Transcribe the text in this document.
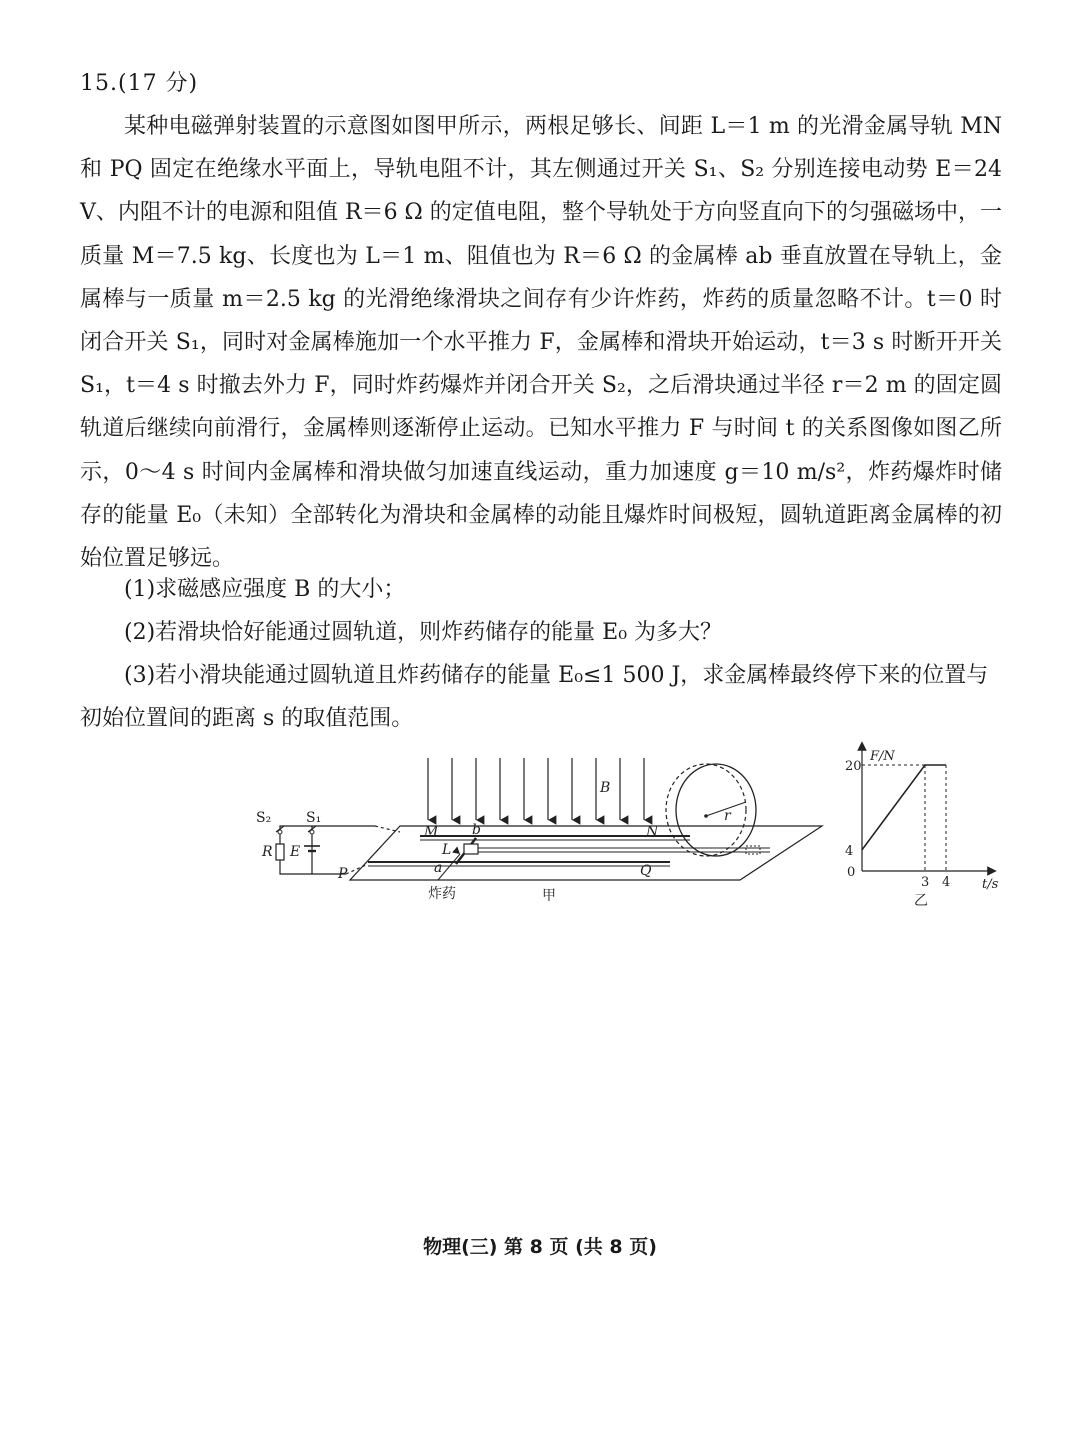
15.(17 分)

某种电磁弹射装置的示意图如图甲所示，两根足够长、间距 L＝1 m 的光滑金属导轨 MN 和 PQ 固定在绝缘水平面上，导轨电阻不计，其左侧通过开关 S₁、S₂ 分别连接电动势 E＝24 V、内阻不计的电源和阻值 R＝6 Ω 的定值电阻，整个导轨处于方向竖直向下的匀强磁场中，一质量 M＝7.5 kg、长度也为 L＝1 m、阻值也为 R＝6 Ω 的金属棒 ab 垂直放置在导轨上，金属棒与一质量 m＝2.5 kg 的光滑绝缘滑块之间存有少许炸药，炸药的质量忽略不计。t＝0 时闭合开关 S₁，同时对金属棒施加一个水平推力 F，金属棒和滑块开始运动，t＝3 s 时断开开关 S₁，t＝4 s 时撤去外力 F，同时炸药爆炸并闭合开关 S₂，之后滑块通过半径 r＝2 m 的固定圆轨道后继续向前滑行，金属棒则逐渐停止运动。已知水平推力 F 与时间 t 的关系图像如图乙所示，0～4 s 时间内金属棒和滑块做匀加速直线运动，重力加速度 g＝10 m/s²，炸药爆炸时储存的能量 E₀（未知）全部转化为滑块和金属棒的动能且爆炸时间极短，圆轨道距离金属棒的初始位置足够远。

(1)求磁感应强度 B 的大小；

(2)若滑块恰好能通过圆轨道，则炸药储存的能量 E₀ 为多大？

(3)若小滑块能通过圆轨道且炸药储存的能量 E₀≤1 500 J，求金属棒最终停下来的位置与初始位置间的距离 s 的取值范围。

S₂ S₁
R E
M b	N
L
a
P	Q
B
r
炸药	甲
4
20
3 4
F/N
t/s
0
乙
物理(三) 第 8 页 (共 8 页)
